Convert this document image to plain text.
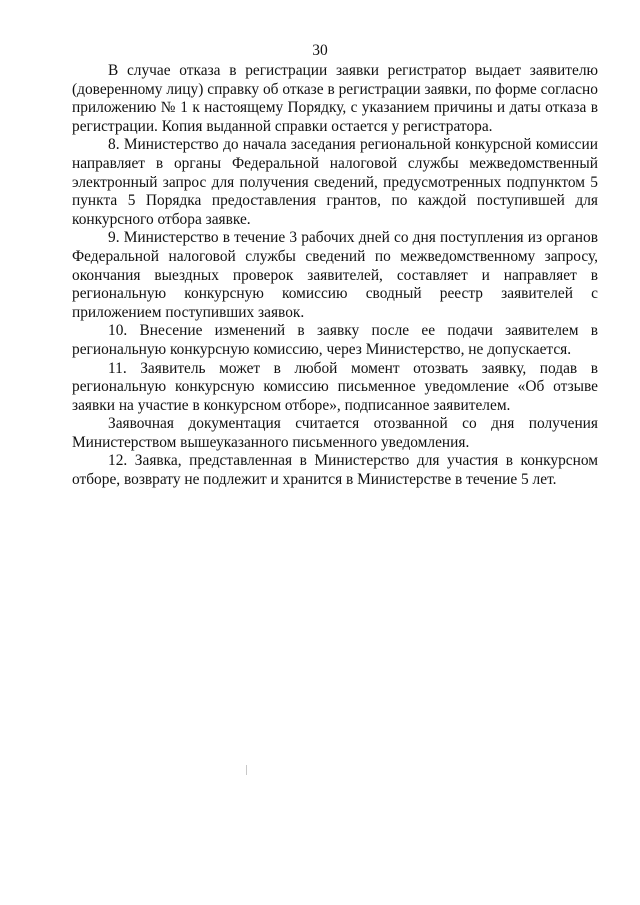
30

В случае отказа в регистрации заявки регистратор выдает заявителю (доверенному лицу) справку об отказе в регистрации заявки, по форме согласно приложению № 1 к настоящему Порядку, с указанием причины и даты отказа в регистрации. Копия выданной справки остается у регистратора.

8. Министерство до начала заседания региональной конкурсной комиссии направляет в органы Федеральной налоговой службы межведомственный электронный запрос для получения сведений, предусмотренных подпунктом 5 пункта 5 Порядка предоставления грантов, по каждой поступившей для конкурсного отбора заявке.

9. Министерство в течение 3 рабочих дней со дня поступления из органов Федеральной налоговой службы сведений по межведомственному запросу, окончания выездных проверок заявителей, составляет и направляет в региональную конкурсную комиссию сводный реестр заявителей с приложением поступивших заявок.

10. Внесение изменений в заявку после ее подачи заявителем в региональную конкурсную комиссию, через Министерство, не допускается.

11. Заявитель может в любой момент отозвать заявку, подав в региональную конкурсную комиссию письменное уведомление «Об отзыве заявки на участие в конкурсном отборе», подписанное заявителем.

Заявочная документация считается отозванной со дня получения Министерством вышеуказанного письменного уведомления.

12. Заявка, представленная в Министерство для участия в конкурсном отборе, возврату не подлежит и хранится в Министерстве в течение 5 лет.
